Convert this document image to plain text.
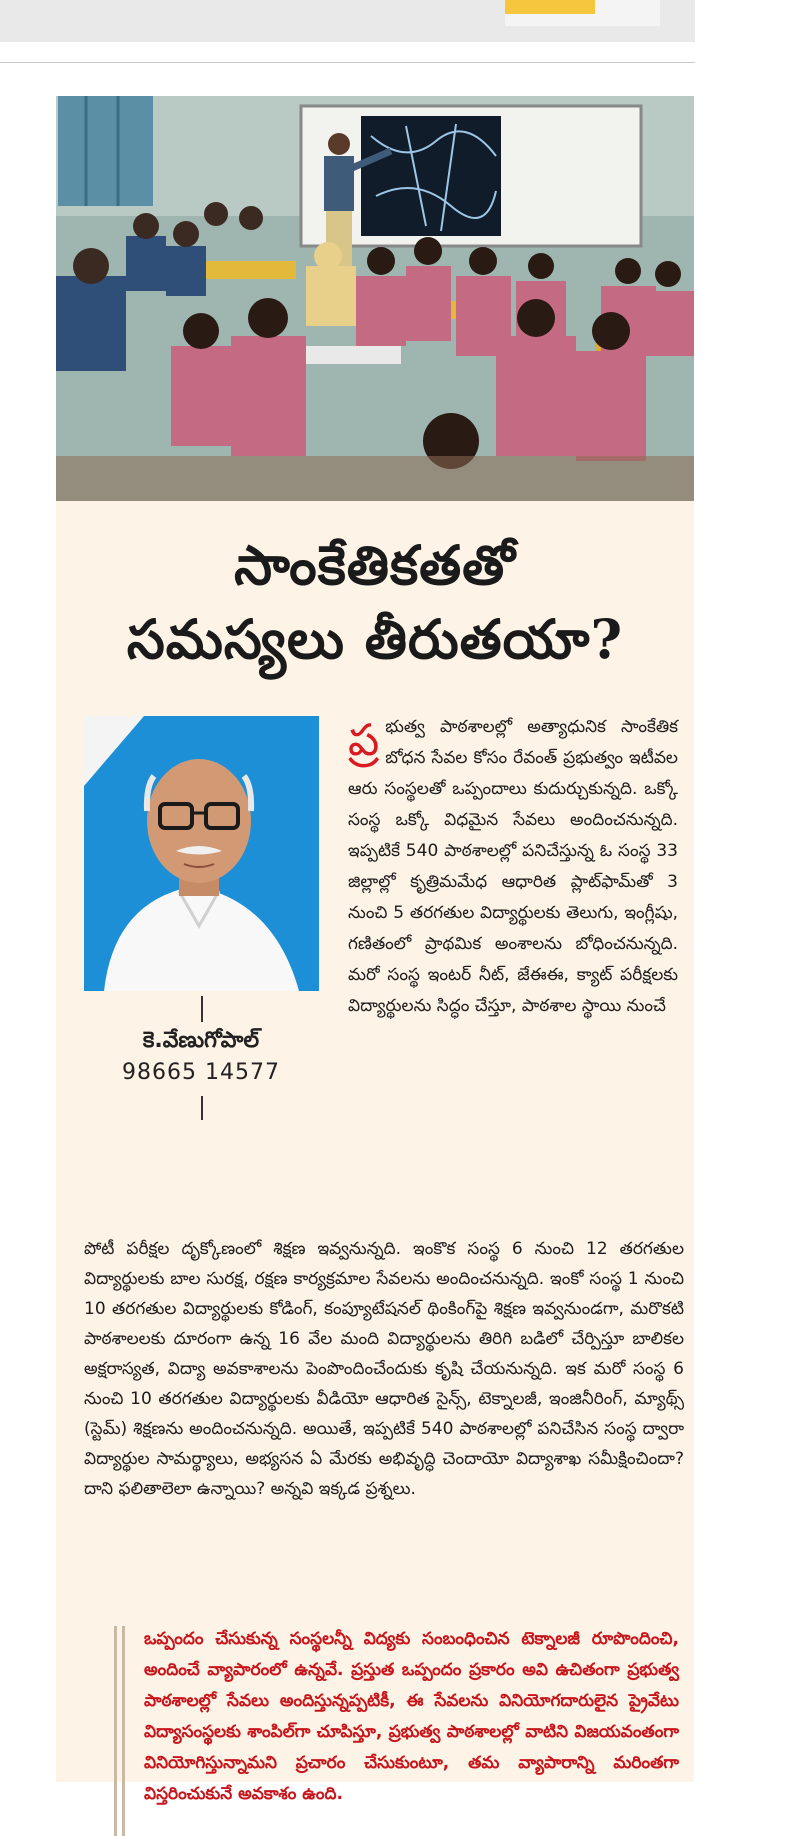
సాంకేతికతతో
సమస్యలు తీరుతయా?
కె.వేణుగోపాల్
98665 14577
ప్ర భుత్వ పాఠశాలల్లో అత్యాధునిక సాంకేతిక బోధన సేవల కోసం రేవంత్ ప్రభుత్వం ఇటీవల ఆరు సంస్థలతో ఒప్పందాలు కుదుర్చుకున్నది. ఒక్కో సంస్థ ఒక్కో విధమైన సేవలు అందించనున్నది. ఇప్పటికే 540 పాఠశాలల్లో పనిచేస్తున్న ఓ సంస్థ 33 జిల్లాల్లో కృత్రిమమేధ ఆధారిత ప్లాట్‌ఫామ్‌తో 3 నుంచి 5 తరగతుల విద్యార్థులకు తెలుగు, ఇంగ్లీషు, గణితంలో ప్రాథమిక అంశాలను బోధించనున్నది. మరో సంస్థ ఇంటర్ నీట్, జేఈఈ, క్యాట్ పరీక్షలకు విద్యార్థులను సిద్ధం చేస్తూ, పాఠశాల స్థాయి నుంచే
పోటీ పరీక్షల దృక్కోణంలో శిక్షణ ఇవ్వనున్నది. ఇంకొక సంస్థ 6 నుంచి 12 తరగతుల విద్యార్థులకు బాల సురక్ష, రక్షణ కార్యక్రమాల సేవలను అందించనున్నది. ఇంకో సంస్థ 1 నుంచి 10 తరగతుల విద్యార్థులకు కోడింగ్, కంప్యూటేషనల్ థింకింగ్‌పై శిక్షణ ఇవ్వనుండగా, మరొకటి పాఠశాలలకు దూరంగా ఉన్న 16 వేల మంది విద్యార్థులను తిరిగి బడిలో చేర్పిస్తూ బాలికల అక్షరాస్యత, విద్యా అవకాశాలను పెంపొందించేందుకు కృషి చేయనున్నది. ఇక మరో సంస్థ 6 నుంచి 10 తరగతుల విద్యార్థులకు వీడియో ఆధారిత సైన్స్, టెక్నాలజీ, ఇంజినీరింగ్, మ్యాథ్స్ (స్టెమ్) శిక్షణను అందించనున్నది. అయితే, ఇప్పటికే 540 పాఠశాలల్లో పనిచేసిన సంస్థ ద్వారా విద్యార్థుల సామర్థ్యాలు, అభ్యసన ఏ మేరకు అభివృద్ధి చెందాయో విద్యాశాఖ సమీక్షించిందా? దాని ఫలితాలెలా ఉన్నాయి? అన్నవి ఇక్కడ ప్రశ్నలు.
ఒప్పందం చేసుకున్న సంస్థలన్నీ విద్యకు సంబంధించిన టెక్నాలజీ రూపొందించి, అందించే వ్యాపారంలో ఉన్నవే. ప్రస్తుత ఒప్పందం ప్రకారం అవి ఉచితంగా ప్రభుత్వ పాఠశాలల్లో సేవలు అందిస్తున్నప్పటికీ, ఈ సేవలను వినియోగదారులైన ప్రైవేటు విద్యాసంస్థలకు శాంపిల్‌గా చూపిస్తూ, ప్రభుత్వ పాఠశాలల్లో వాటిని విజయవంతంగా వినియోగిస్తున్నామని ప్రచారం చేసుకుంటూ, తమ వ్యాపారాన్ని మరింతగా విస్తరించుకునే అవకాశం ఉంది.
